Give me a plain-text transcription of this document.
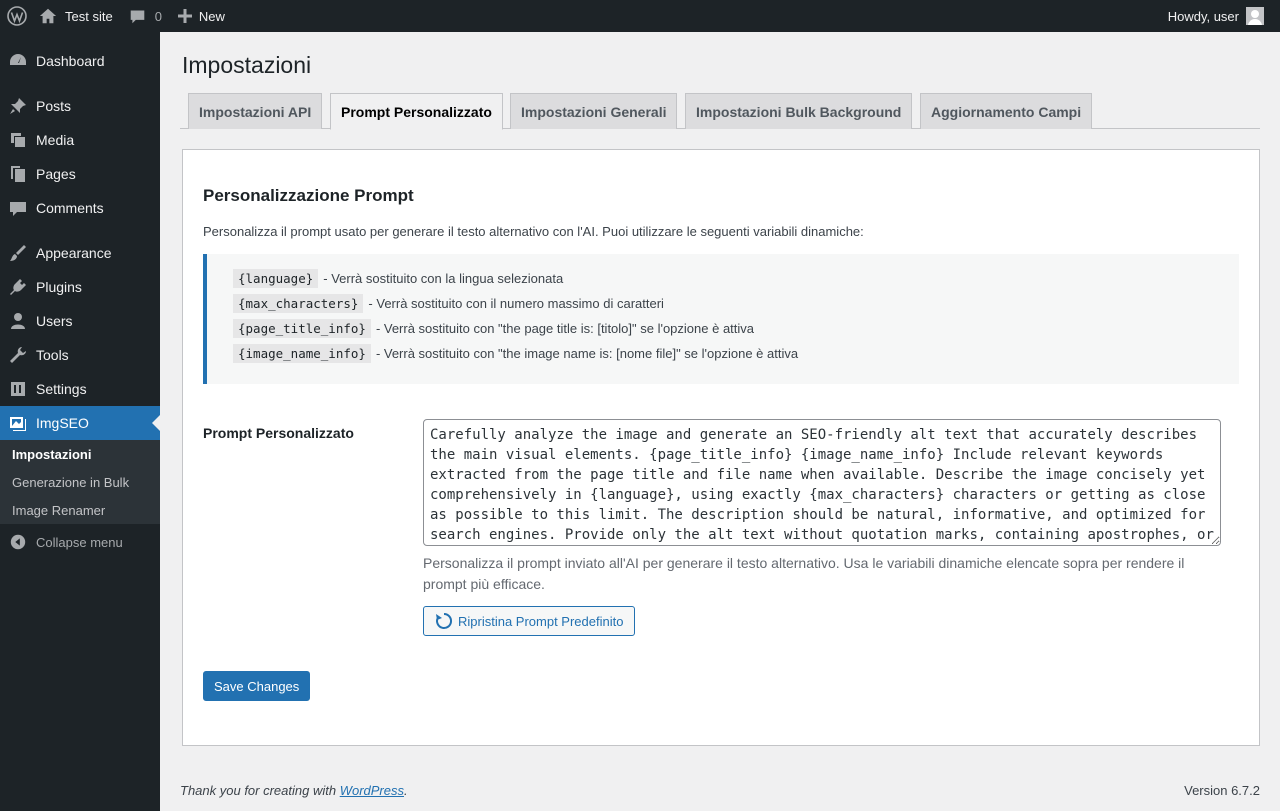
Test site	0	New	Howdy, user
Dashboard
Posts
Media
Pages
Comments
Appearance
Plugins
Users
Tools
Settings
ImgSEO
Impostazioni
Generazione in Bulk
Image Renamer
Collapse menu
Impostazioni
Impostazioni API	Prompt Personalizzato	Impostazioni Generali	Impostazioni Bulk Background	Aggiornamento Campi
Personalizzazione Prompt

Personalizza il prompt usato per generare il testo alternativo con l'AI. Puoi utilizzare le seguenti variabili dinamiche:

{language} - Verrà sostituito con la lingua selezionata
{max_characters} - Verrà sostituito con il numero massimo di caratteri
{page_title_info} - Verrà sostituito con "the page title is: [titolo]" se l'opzione è attiva
{image_name_info} - Verrà sostituito con "the image name is: [nome file]" se l'opzione è attiva
Prompt Personalizzato
Carefully analyze the image and generate an SEO-friendly alt text that accurately describes the main visual elements. {page_title_info} {image_name_info} Include relevant keywords extracted from the page title and file name when available. Describe the image concisely yet comprehensively in {language}, using exactly {max_characters} characters or getting as close as possible to this limit. The description should be natural, informative, and optimized for search engines. Provide only the alt text without quotation marks, containing apostrophes, or

Personalizza il prompt inviato all'AI per generare il testo alternativo. Usa le variabili dinamiche elencate sopra per rendere il prompt più efficace.

Ripristina Prompt Predefinito
Save Changes
Thank you for creating with WordPress.	Version 6.7.2
